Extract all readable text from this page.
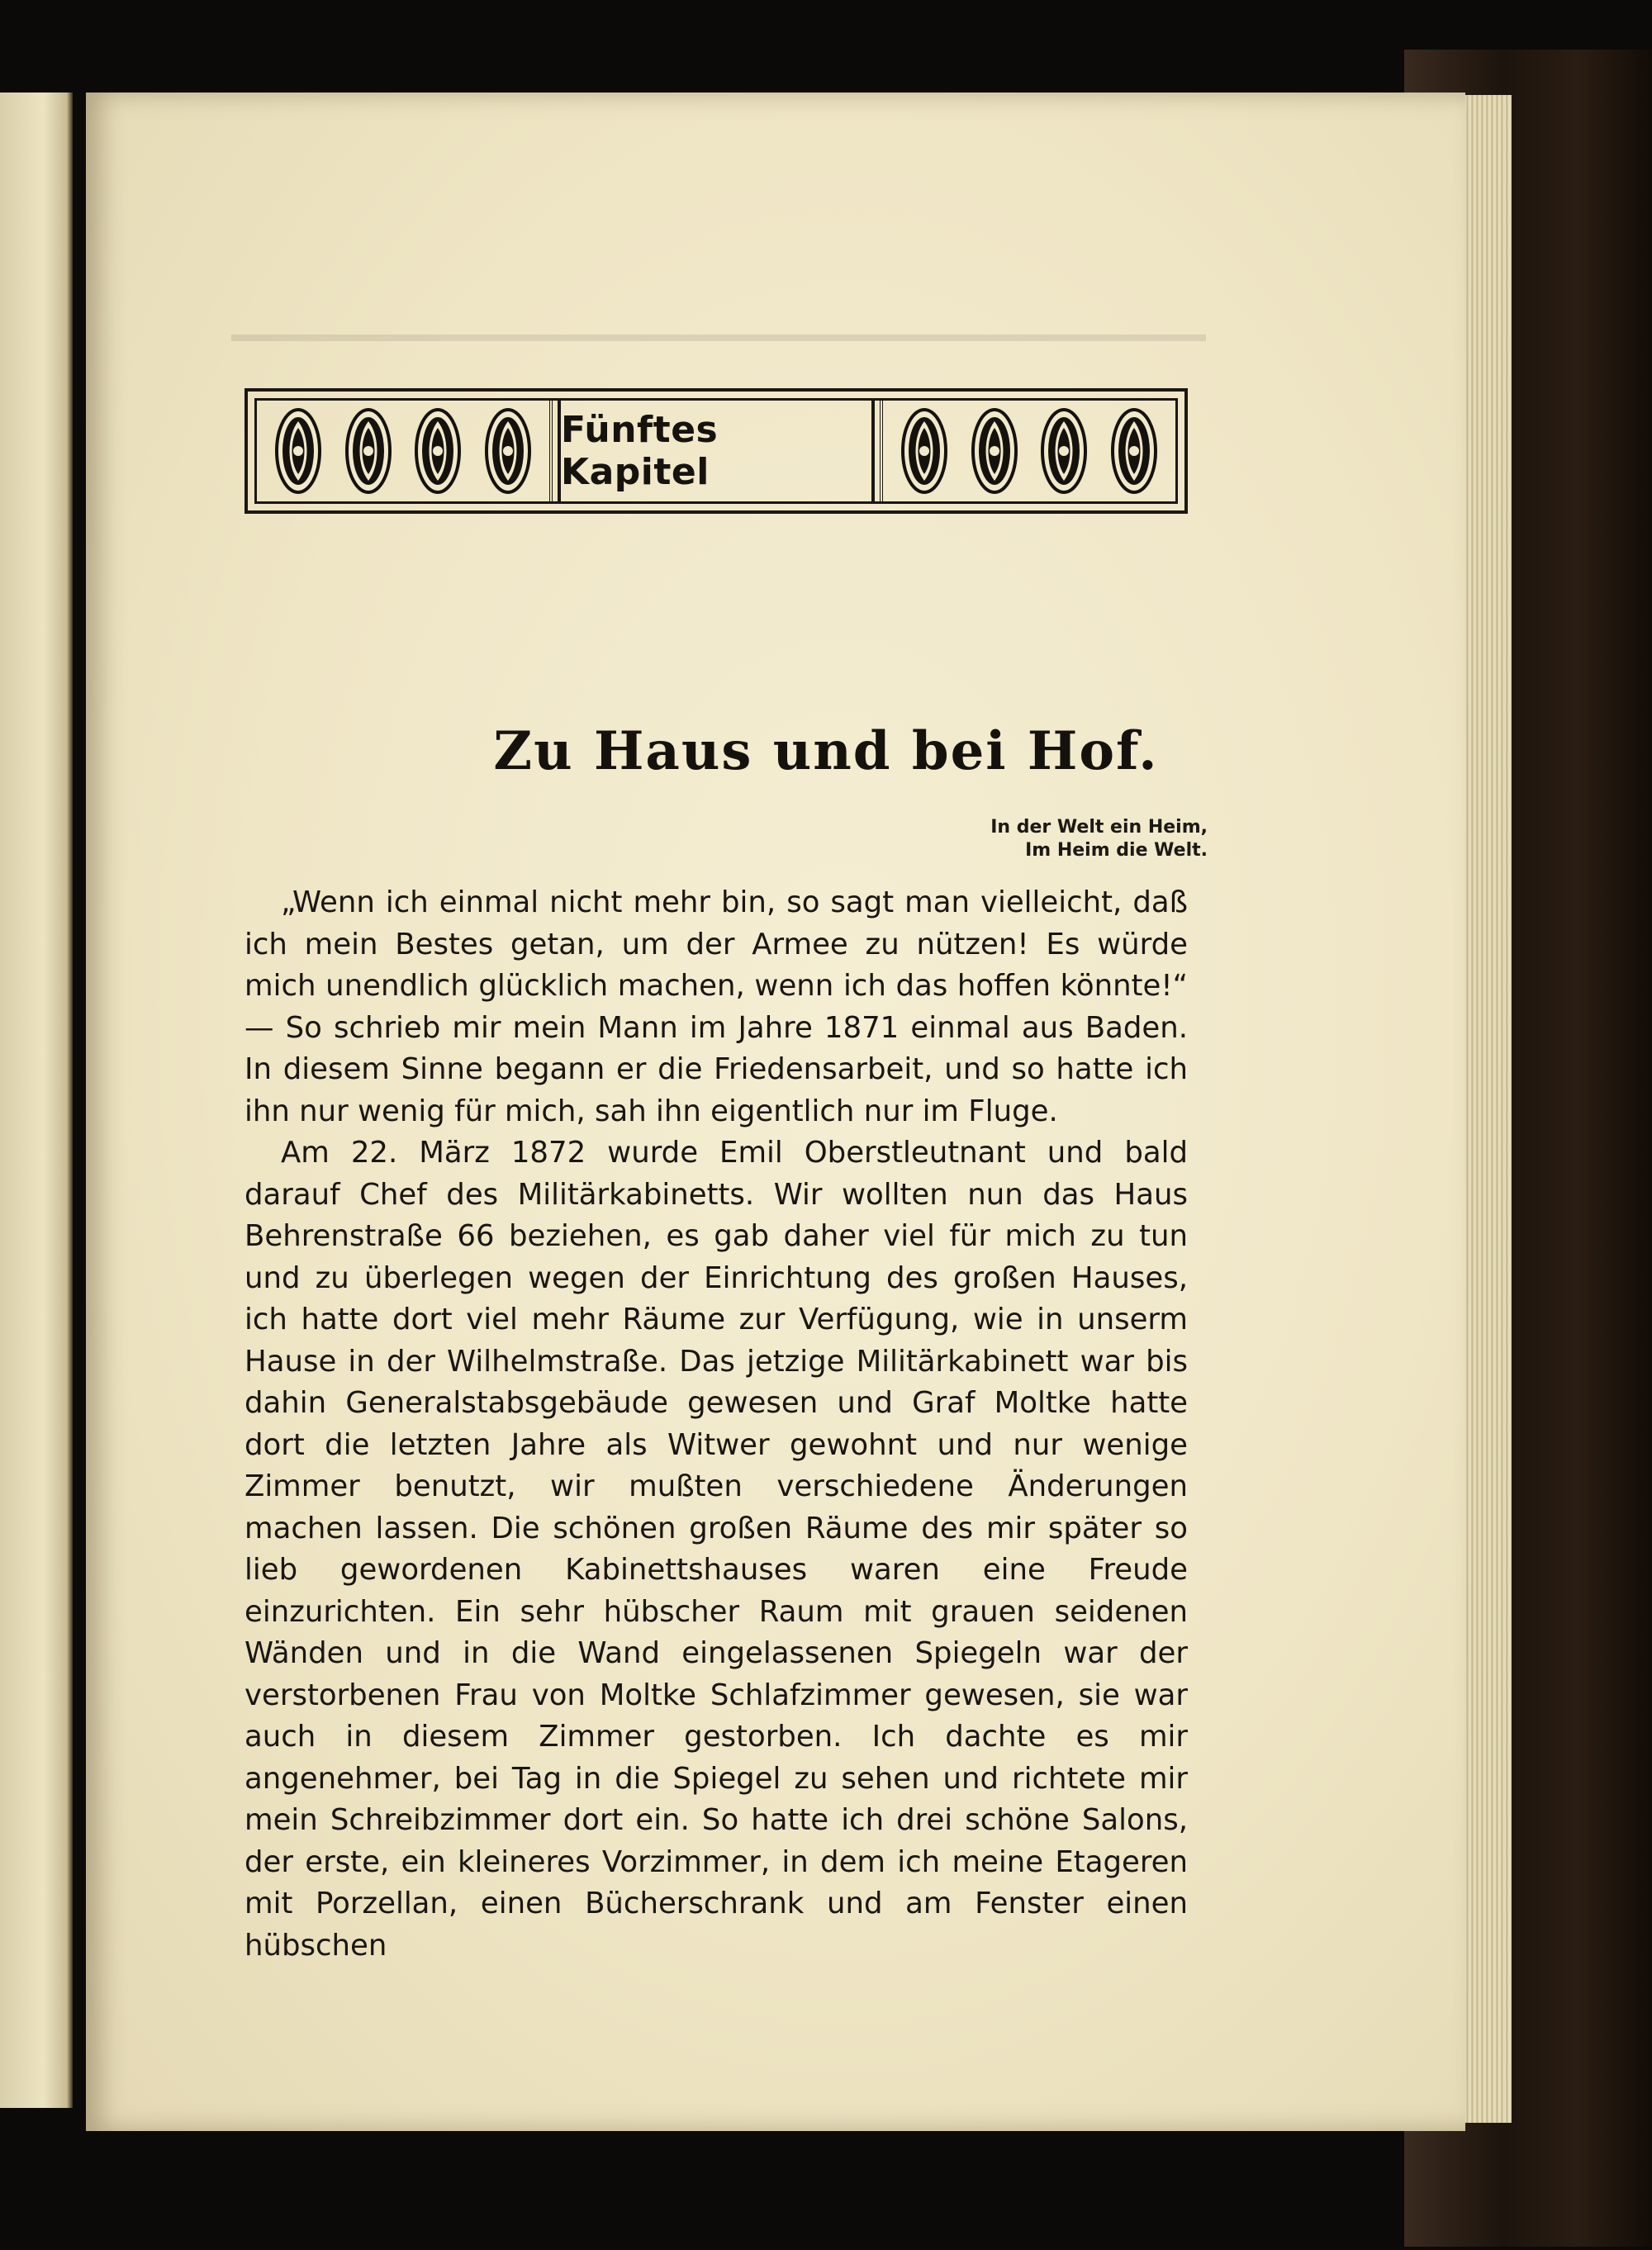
Fünftes Kapitel
Zu Haus und bei Hof.
In der Welt ein Heim,
Im Heim die Welt.

„Wenn ich einmal nicht mehr bin, so sagt man vielleicht, daß ich mein Bestes getan, um der Armee zu nützen! Es würde mich unendlich glücklich machen, wenn ich das hoffen könnte!“ — So schrieb mir mein Mann im Jahre 1871 einmal aus Baden. In diesem Sinne begann er die Friedensarbeit, und so hatte ich ihn nur wenig für mich, sah ihn eigentlich nur im Fluge.

Am 22. März 1872 wurde Emil Oberstleutnant und bald darauf Chef des Militärkabinetts. Wir wollten nun das Haus Behrenstraße 66 beziehen, es gab daher viel für mich zu tun und zu überlegen wegen der Einrichtung des großen Hauses, ich hatte dort viel mehr Räume zur Verfügung, wie in unserm Hause in der Wilhelmstraße. Das jetzige Militärkabinett war bis dahin Generalstabsgebäude gewesen und Graf Moltke hatte dort die letzten Jahre als Witwer gewohnt und nur wenige Zimmer benutzt, wir mußten verschiedene Änderungen machen lassen. Die schönen großen Räume des mir später so lieb gewordenen Kabinettshauses waren eine Freude einzurichten. Ein sehr hübscher Raum mit grauen seidenen Wänden und in die Wand eingelassenen Spiegeln war der verstorbenen Frau von Moltke Schlafzimmer gewesen, sie war auch in diesem Zimmer gestorben. Ich dachte es mir angenehmer, bei Tag in die Spiegel zu sehen und richtete mir mein Schreibzimmer dort ein. So hatte ich drei schöne Salons, der erste, ein kleineres Vorzimmer, in dem ich meine Etageren mit Porzellan, einen Bücherschrank und am Fenster einen hübschen
